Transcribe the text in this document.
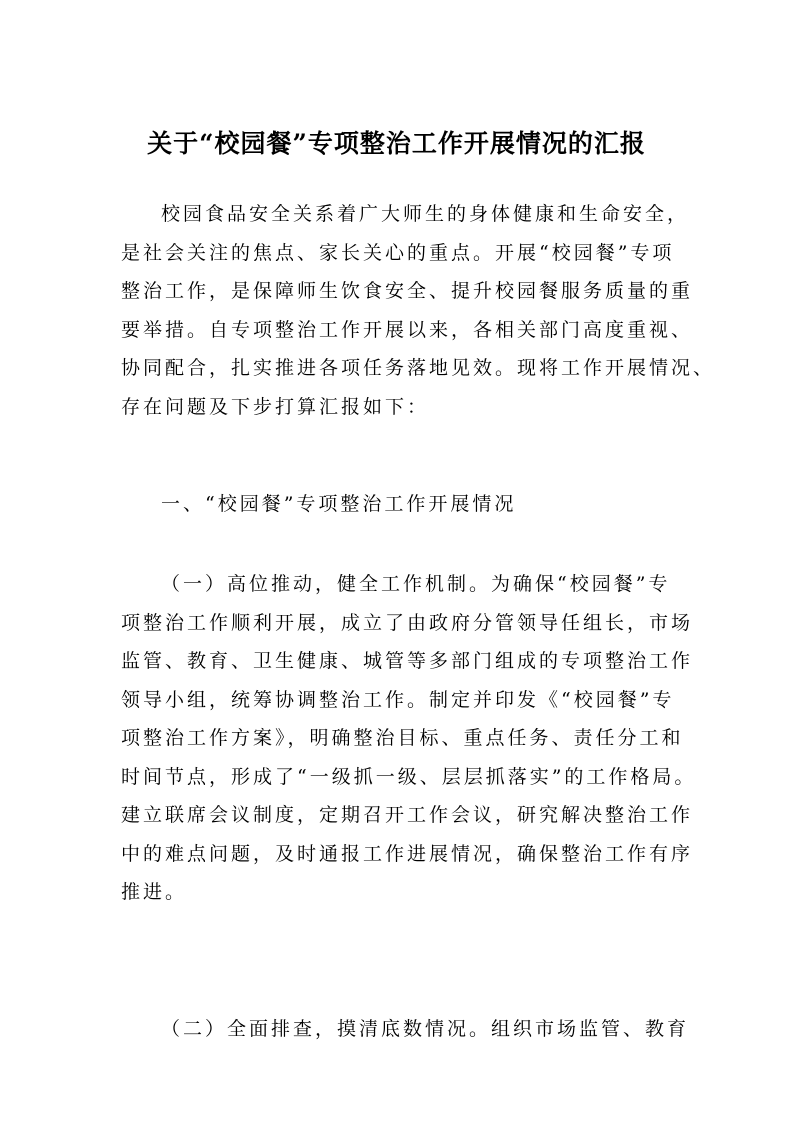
关于“校园餐”专项整治工作开展情况的汇报
校园食品安全关系着广大师生的身体健康和生命安全，
是社会关注的焦点、家长关心的重点。开展“校园餐”专项
整治工作，是保障师生饮食安全、提升校园餐服务质量的重
要举措。自专项整治工作开展以来，各相关部门高度重视、
协同配合，扎实推进各项任务落地见效。现将工作开展情况、
存在问题及下步打算汇报如下：
一、“校园餐”专项整治工作开展情况
（一）高位推动，健全工作机制。为确保“校园餐”专
项整治工作顺利开展，成立了由政府分管领导任组长，市场
监管、教育、卫生健康、城管等多部门组成的专项整治工作
领导小组，统筹协调整治工作。制定并印发《“校园餐”专
项整治工作方案》，明确整治目标、重点任务、责任分工和
时间节点，形成了“一级抓一级、层层抓落实”的工作格局。
建立联席会议制度，定期召开工作会议，研究解决整治工作
中的难点问题，及时通报工作进展情况，确保整治工作有序
推进。
（二）全面排查，摸清底数情况。组织市场监管、教育
